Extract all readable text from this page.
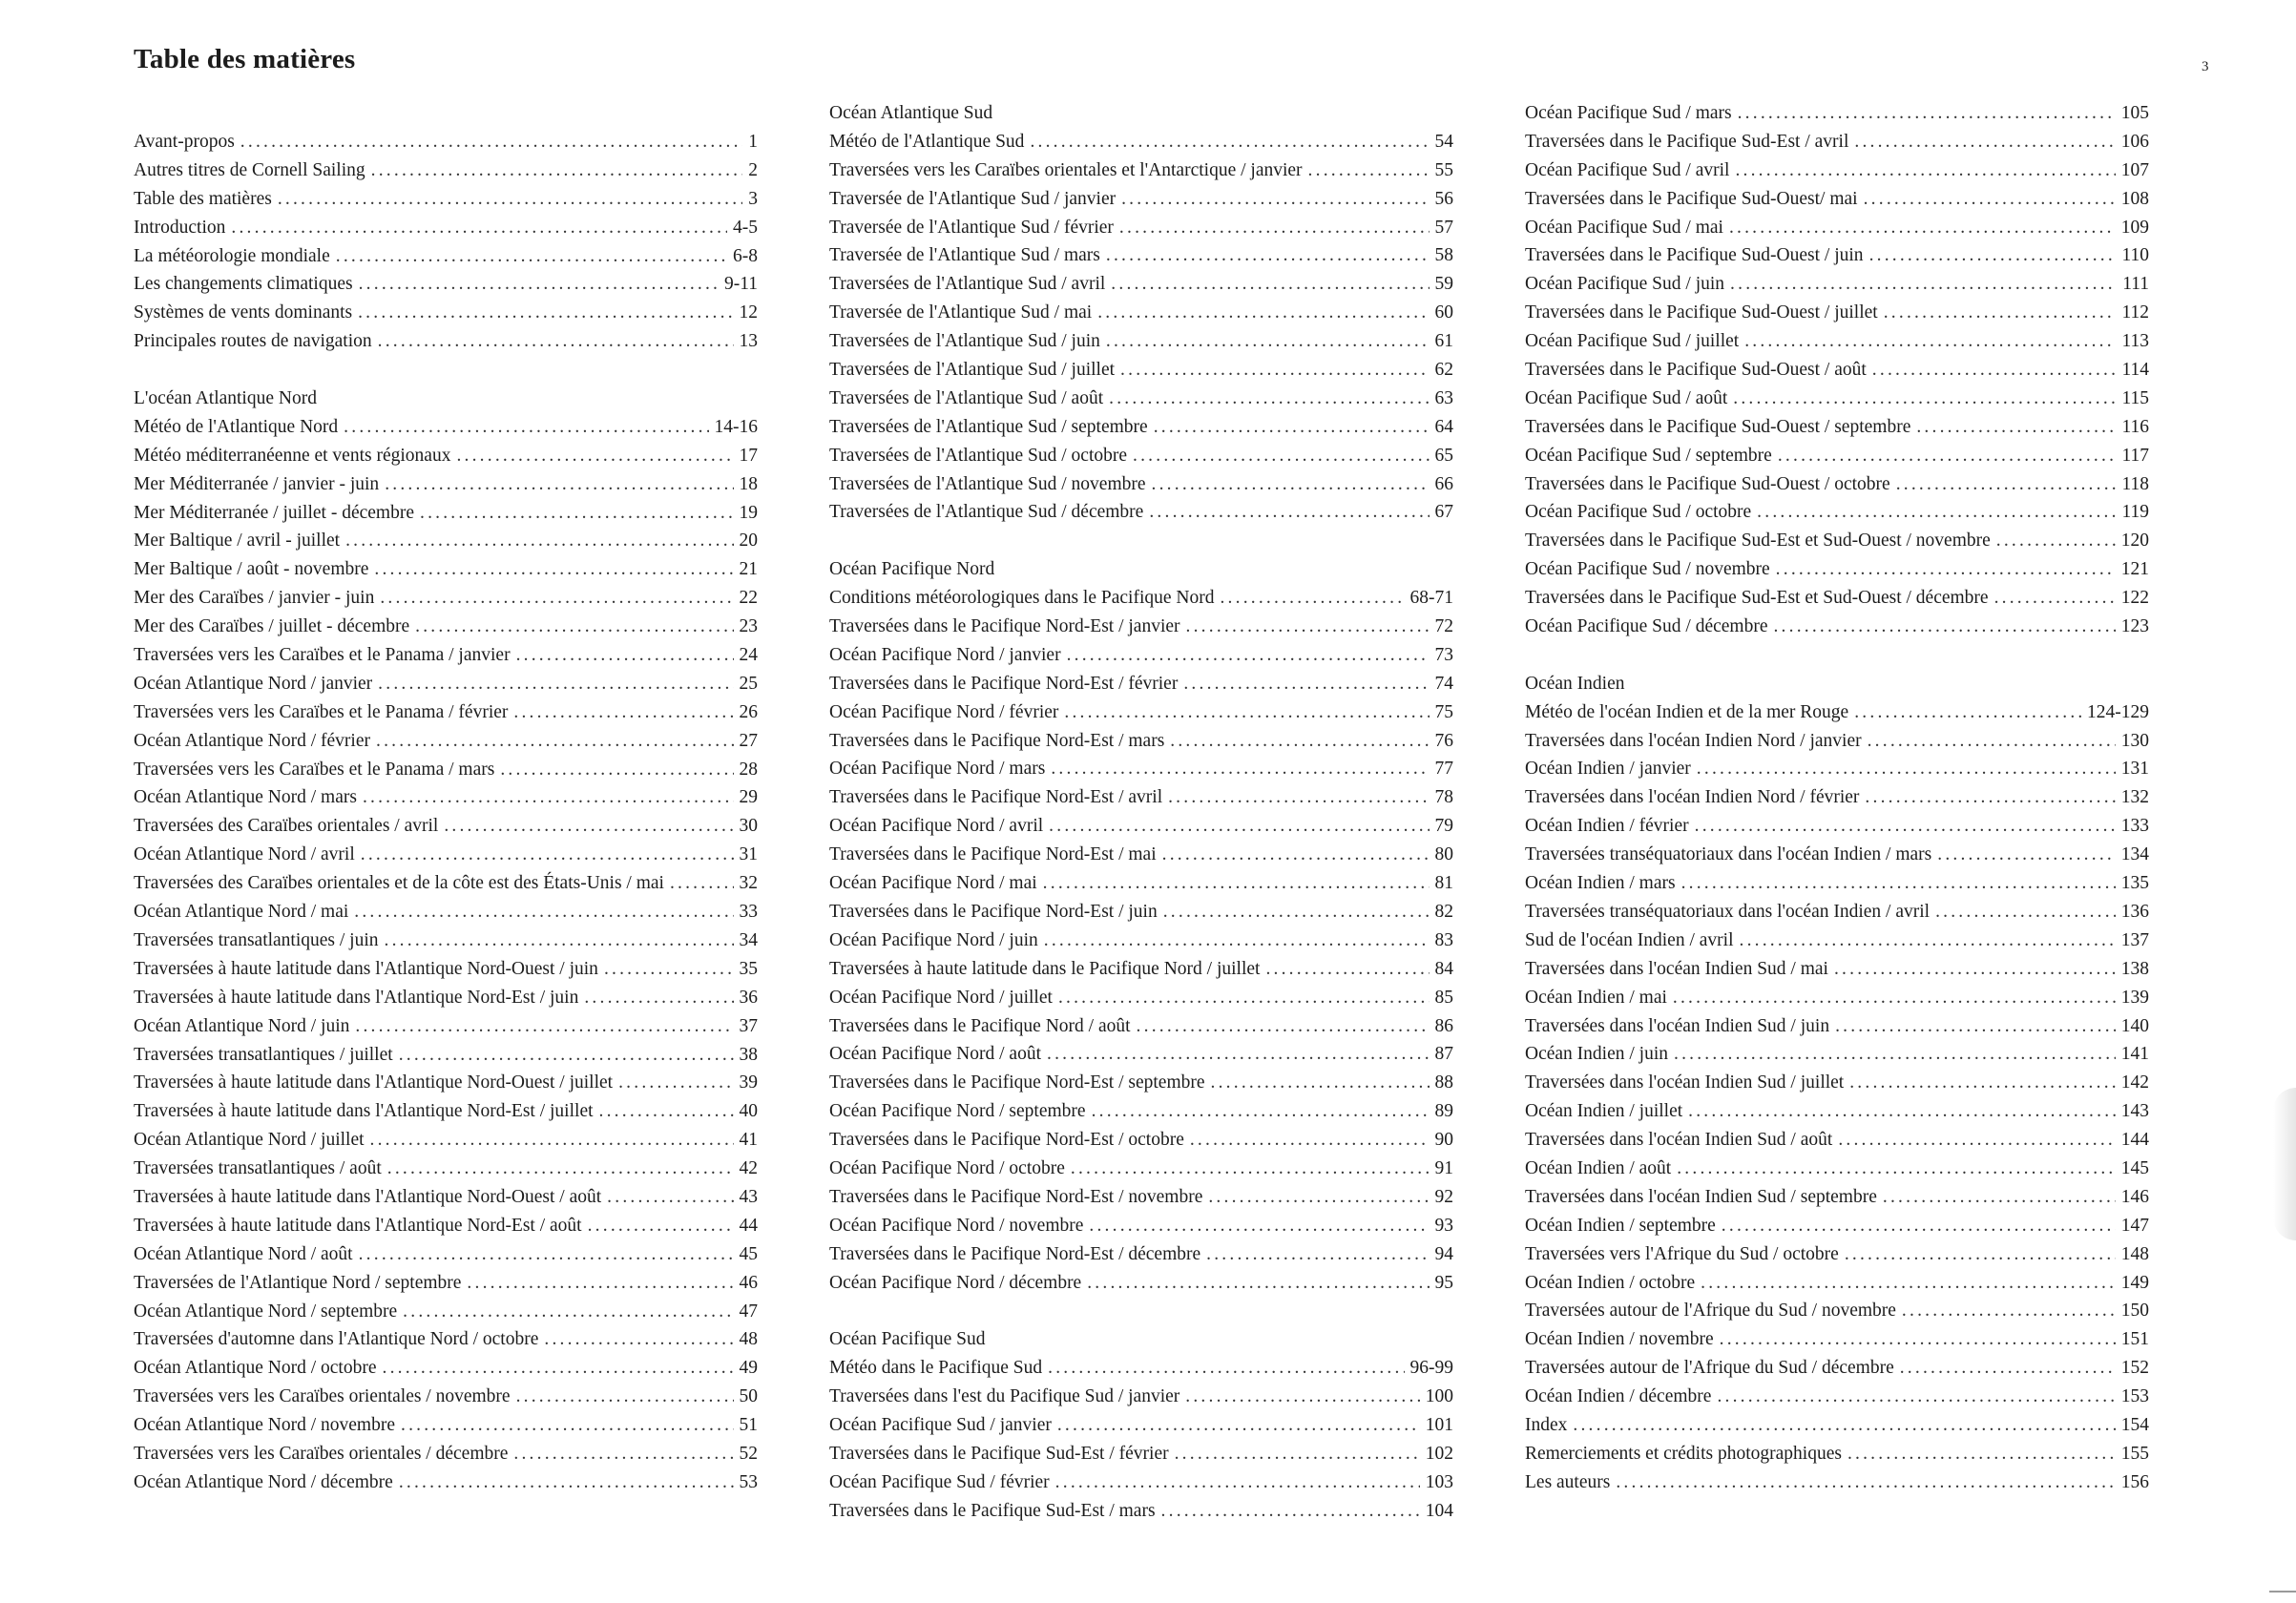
Table des matières	3
Avant-propos .....	1
Autres titres de Cornell Sailing .....	2
Table des matières .....	3
Introduction .....	4-5
La météorologie mondiale .....	6-8
Les changements climatiques .....	9-11
Systèmes de vents dominants .....	12
Principales routes de navigation .....	13
L'océan Atlantique Nord
Météo de l'Atlantique Nord .....	14-16
Météo méditerranéenne et vents régionaux .....	17
Mer Méditerranée / janvier - juin .....	18
Mer Méditerranée / juillet - décembre .....	19
Mer Baltique / avril - juillet .....	20
Mer Baltique / août - novembre .....	21
Mer des Caraïbes / janvier - juin .....	22
Mer des Caraïbes / juillet - décembre .....	23
Traversées vers les Caraïbes et le Panama / janvier .....	24
Océan Atlantique Nord / janvier .....	25
Traversées vers les Caraïbes et le Panama / février .....	26
Océan Atlantique Nord / février .....	27
Traversées vers les Caraïbes et le Panama / mars .....	28
Océan Atlantique Nord / mars .....	29
Traversées des Caraïbes orientales / avril .....	30
Océan Atlantique Nord / avril .....	31
Traversées des Caraïbes orientales et de la côte est des États-Unis / mai .....	32
Océan Atlantique Nord / mai .....	33
Traversées transatlantiques / juin .....	34
Traversées à haute latitude dans l'Atlantique Nord-Ouest / juin .....	35
Traversées à haute latitude dans l'Atlantique Nord-Est / juin .....	36
Océan Atlantique Nord / juin .....	37
Traversées transatlantiques / juillet .....	38
Traversées à haute latitude dans l'Atlantique Nord-Ouest / juillet .....	39
Traversées à haute latitude dans l'Atlantique Nord-Est / juillet .....	40
Océan Atlantique Nord / juillet .....	41
Traversées transatlantiques / août .....	42
Traversées à haute latitude dans l'Atlantique Nord-Ouest / août .....	43
Traversées à haute latitude dans l'Atlantique Nord-Est / août .....	44
Océan Atlantique Nord / août .....	45
Traversées de l'Atlantique Nord / septembre .....	46
Océan Atlantique Nord / septembre .....	47
Traversées d'automne dans l'Atlantique Nord / octobre .....	48
Océan Atlantique Nord / octobre .....	49
Traversées vers les Caraïbes orientales / novembre .....	50
Océan Atlantique Nord / novembre .....	51
Traversées vers les Caraïbes orientales / décembre .....	52
Océan Atlantique Nord / décembre .....	53
Océan Atlantique Sud
Météo de l'Atlantique Sud .....	54
Traversées vers les Caraïbes orientales et l'Antarctique / janvier .....	55
Traversée de l'Atlantique Sud / janvier .....	56
Traversée de l'Atlantique Sud / février .....	57
Traversée de l'Atlantique Sud / mars .....	58
Traversées de l'Atlantique Sud / avril .....	59
Traversée de l'Atlantique Sud / mai .....	60
Traversées de l'Atlantique Sud / juin .....	61
Traversées de l'Atlantique Sud / juillet .....	62
Traversées de l'Atlantique Sud / août .....	63
Traversées de l'Atlantique Sud / septembre .....	64
Traversées de l'Atlantique Sud / octobre .....	65
Traversées de l'Atlantique Sud / novembre .....	66
Traversées de l'Atlantique Sud / décembre .....	67
Océan Pacifique Nord
Conditions météorologiques dans le Pacifique Nord .....	68-71
Traversées dans le Pacifique Nord-Est / janvier .....	72
Océan Pacifique Nord / janvier .....	73
Traversées dans le Pacifique Nord-Est / février .....	74
Océan Pacifique Nord / février .....	75
Traversées dans le Pacifique Nord-Est / mars .....	76
Océan Pacifique Nord / mars .....	77
Traversées dans le Pacifique Nord-Est / avril .....	78
Océan Pacifique Nord / avril .....	79
Traversées dans le Pacifique Nord-Est / mai .....	80
Océan Pacifique Nord / mai .....	81
Traversées dans le Pacifique Nord-Est / juin .....	82
Océan Pacifique Nord / juin .....	83
Traversées à haute latitude dans le Pacifique Nord / juillet .....	84
Océan Pacifique Nord / juillet .....	85
Traversées dans le Pacifique Nord / août .....	86
Océan Pacifique Nord / août .....	87
Traversées dans le Pacifique Nord-Est / septembre .....	88
Océan Pacifique Nord / septembre .....	89
Traversées dans le Pacifique Nord-Est / octobre .....	90
Océan Pacifique Nord / octobre .....	91
Traversées dans le Pacifique Nord-Est / novembre .....	92
Océan Pacifique Nord / novembre .....	93
Traversées dans le Pacifique Nord-Est / décembre .....	94
Océan Pacifique Nord / décembre .....	95
Océan Pacifique Sud
Météo dans le Pacifique Sud .....	96-99
Traversées dans l'est du Pacifique Sud / janvier .....	100
Océan Pacifique Sud / janvier .....	101
Traversées dans le Pacifique Sud-Est / février .....	102
Océan Pacifique Sud / février .....	103
Traversées dans le Pacifique Sud-Est / mars .....	104
Océan Pacifique Sud / mars .....	105
Traversées dans le Pacifique Sud-Est / avril .....	106
Océan Pacifique Sud / avril .....	107
Traversées dans le Pacifique Sud-Ouest/ mai .....	108
Océan Pacifique Sud / mai .....	109
Traversées dans le Pacifique Sud-Ouest / juin .....	110
Océan Pacifique Sud / juin .....	111
Traversées dans le Pacifique Sud-Ouest / juillet .....	112
Océan Pacifique Sud / juillet .....	113
Traversées dans le Pacifique Sud-Ouest / août .....	114
Océan Pacifique Sud / août .....	115
Traversées dans le Pacifique Sud-Ouest / septembre .....	116
Océan Pacifique Sud / septembre .....	117
Traversées dans le Pacifique Sud-Ouest / octobre .....	118
Océan Pacifique Sud / octobre .....	119
Traversées dans le Pacifique Sud-Est et Sud-Ouest / novembre .....	120
Océan Pacifique Sud / novembre .....	121
Traversées dans le Pacifique Sud-Est et Sud-Ouest / décembre .....	122
Océan Pacifique Sud / décembre .....	123
Océan Indien
Météo de l'océan Indien et de la mer Rouge .....	124-129
Traversées dans l'océan Indien Nord / janvier .....	130
Océan Indien / janvier .....	131
Traversées dans l'océan Indien Nord / février .....	132
Océan Indien / février .....	133
Traversées transéquatoriaux dans l'océan Indien / mars .....	134
Océan Indien / mars .....	135
Traversées transéquatoriaux dans l'océan Indien / avril .....	136
Sud de l'océan Indien / avril .....	137
Traversées dans l'océan Indien Sud / mai .....	138
Océan Indien / mai .....	139
Traversées dans l'océan Indien Sud / juin .....	140
Océan Indien / juin .....	141
Traversées dans l'océan Indien Sud / juillet .....	142
Océan Indien / juillet .....	143
Traversées dans l'océan Indien Sud / août .....	144
Océan Indien / août .....	145
Traversées dans l'océan Indien Sud / septembre .....	146
Océan Indien / septembre .....	147
Traversées vers l'Afrique du Sud / octobre .....	148
Océan Indien / octobre .....	149
Traversées autour de l'Afrique du Sud / novembre .....	150
Océan Indien / novembre .....	151
Traversées autour de l'Afrique du Sud / décembre .....	152
Océan Indien / décembre .....	153
Index .....	154
Remerciements et crédits photographiques .....	155
Les auteurs .....	156
